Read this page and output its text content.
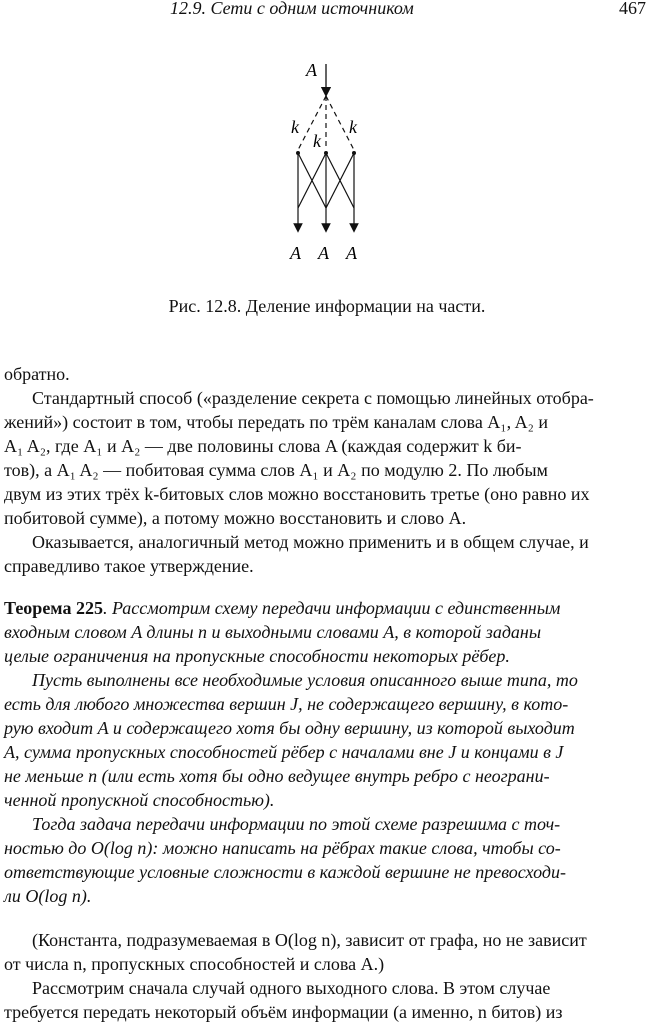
12.9. Сети с одним источником	467
A
k
k
k
A A A
Рис. 12.8. Деление информации на части.

обратно.

Стандартный способ («разделение секрета с помощью линейных отобра-

жений») состоит в том, чтобы передать по трём каналам слова A₁, A₂ и

A₁ A₂, где A₁ и A₂ — две половины слова A (каждая содержит k би-

тов), а A₁ A₂ — побитовая сумма слов A₁ и A₂ по модулю 2. По любым

двум из этих трёх k-битовых слов можно восстановить третье (оно равно их

побитовой сумме), а потому можно восстановить и слово A.

Оказывается, аналогичный метод можно применить и в общем случае, и

справедливо такое утверждение.

Теорема 225. Рассмотрим схему передачи информации с единственным

входным словом A длины n и выходными словами A, в которой заданы

целые ограничения на пропускные способности некоторых рёбер.

Пусть выполнены все необходимые условия описанного выше типа, то

есть для любого множества вершин J, не содержащего вершину, в кото-

рую входит A и содержащего хотя бы одну вершину, из которой выходит

A, сумма пропускных способностей рёбер с началами вне J и концами в J

не меньше n (или есть хотя бы одно ведущее внутрь ребро с неограни-

ченной пропускной способностью).

Тогда задача передачи информации по этой схеме разрешима с точ-

ностью до O(log n): можно написать на рёбрах такие слова, чтобы со-

ответствующие условные сложности в каждой вершине не превосходи-

ли O(log n).

(Константа, подразумеваемая в O(log n), зависит от графа, но не зависит

от числа n, пропускных способностей и слова A.)

Рассмотрим сначала случай одного выходного слова. В этом случае

требуется передать некоторый объём информации (а именно, n битов) из
